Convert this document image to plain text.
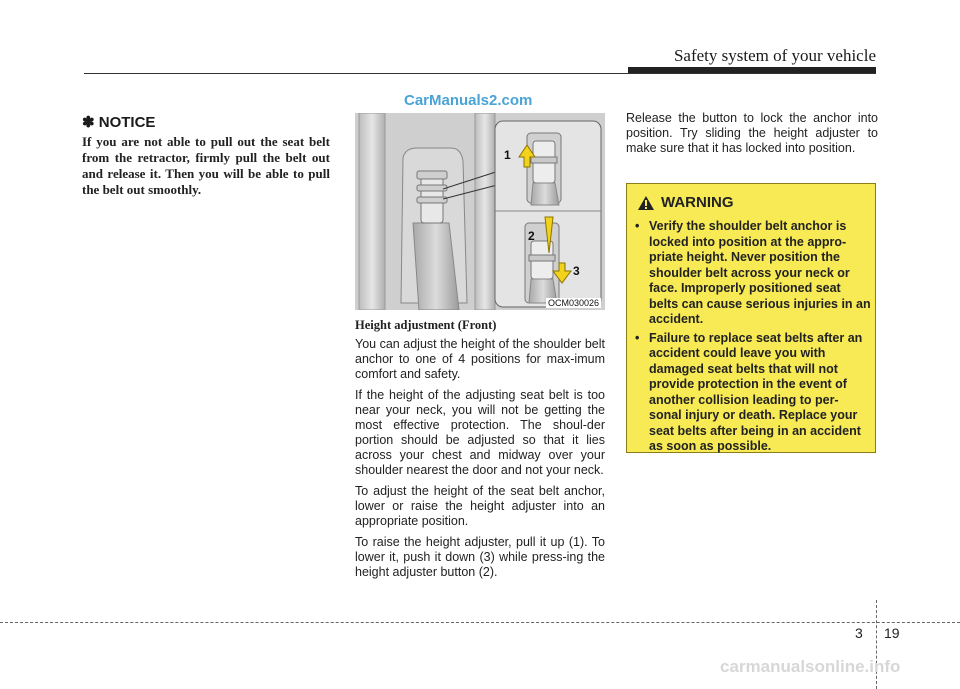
Safety system of your vehicle
CarManuals2.com
✽ NOTICE
If you are not able to pull out the seat belt from the retractor, firmly pull the belt out and release it. Then you will be able to pull the belt out smoothly.
1
2
3
OCM030026
Height adjustment (Front)

You can adjust the height of the shoulder belt anchor to one of 4 positions for max-imum comfort and safety.

If the height of the adjusting seat belt is too near your neck, you will not be getting the most effective protection. The shoul-der portion should be adjusted so that it lies across your chest and midway over your shoulder nearest the door and not your neck.

To adjust the height of the seat belt anchor, lower or raise the height adjuster into an appropriate position.

To raise the height adjuster, pull it up (1). To lower it, push it down (3) while press-ing the height adjuster button (2).

Release the button to lock the anchor into position. Try sliding the height adjuster to make sure that it has locked into position.
WARNING
• Verify the shoulder belt anchor is locked into position at the appro-priate height. Never position the shoulder belt across your neck or face. Improperly positioned seat belts can cause serious injuries in an accident.
• Failure to replace seat belts after an accident could leave you with damaged seat belts that will not provide protection in the event of another collision leading to per-sonal injury or death. Replace your seat belts after being in an accident as soon as possible.
3 19
carmanualsonline.info
